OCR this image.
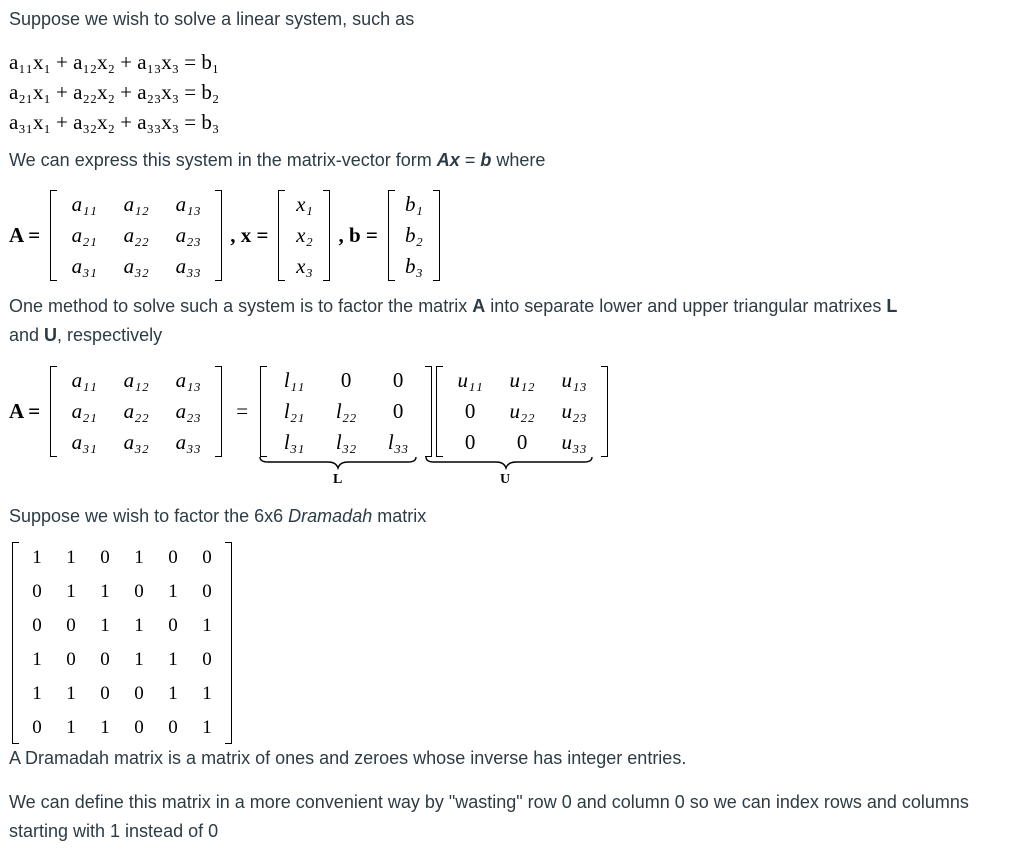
Suppose we wish to solve a linear system, such as

a₁₁x₁ + a₁₂x₂ + a₁₃x₃ = b₁
a₂₁x₁ + a₂₂x₂ + a₂₃x₃ = b₂
a₃₁x₁ + a₃₂x₂ + a₃₃x₃ = b₃

We can express this system in the matrix-vector form Ax = b where

A =
a₁₁	a₁₂	a₁₃
a₂₁	a₂₂	a₂₃
a₃₁	a₃₂	a₃₃
, x =
x₁
x₂
x₃
, b =
b₁
b₂
b₃

One method to solve such a system is to factor the matrix A into separate lower and upper triangular matrixes L
and U, respectively

A =
a₁₁	a₁₂	a₁₃
a₂₁	a₂₂	a₂₃
a₃₁	a₃₂	a₃₃
=
l₁₁	0	0
l₂₁	l₂₂	0
l₃₁	l₃₂	l₃₃
u₁₁	u₁₂	u₁₃
0	u₂₂	u₂₃
0	0	u₃₃
L	U

Suppose we wish to factor the 6x6 Dramadah matrix

1	1	0	1	0	0
0	1	1	0	1	0
0	0	1	1	0	1
1	0	0	1	1	0
1	1	0	0	1	1
0	1	1	0	0	1

A Dramadah matrix is a matrix of ones and zeroes whose inverse has integer entries.

We can define this matrix in a more convenient way by "wasting" row 0 and column 0 so we can index rows and columns starting with 1 instead of 0
